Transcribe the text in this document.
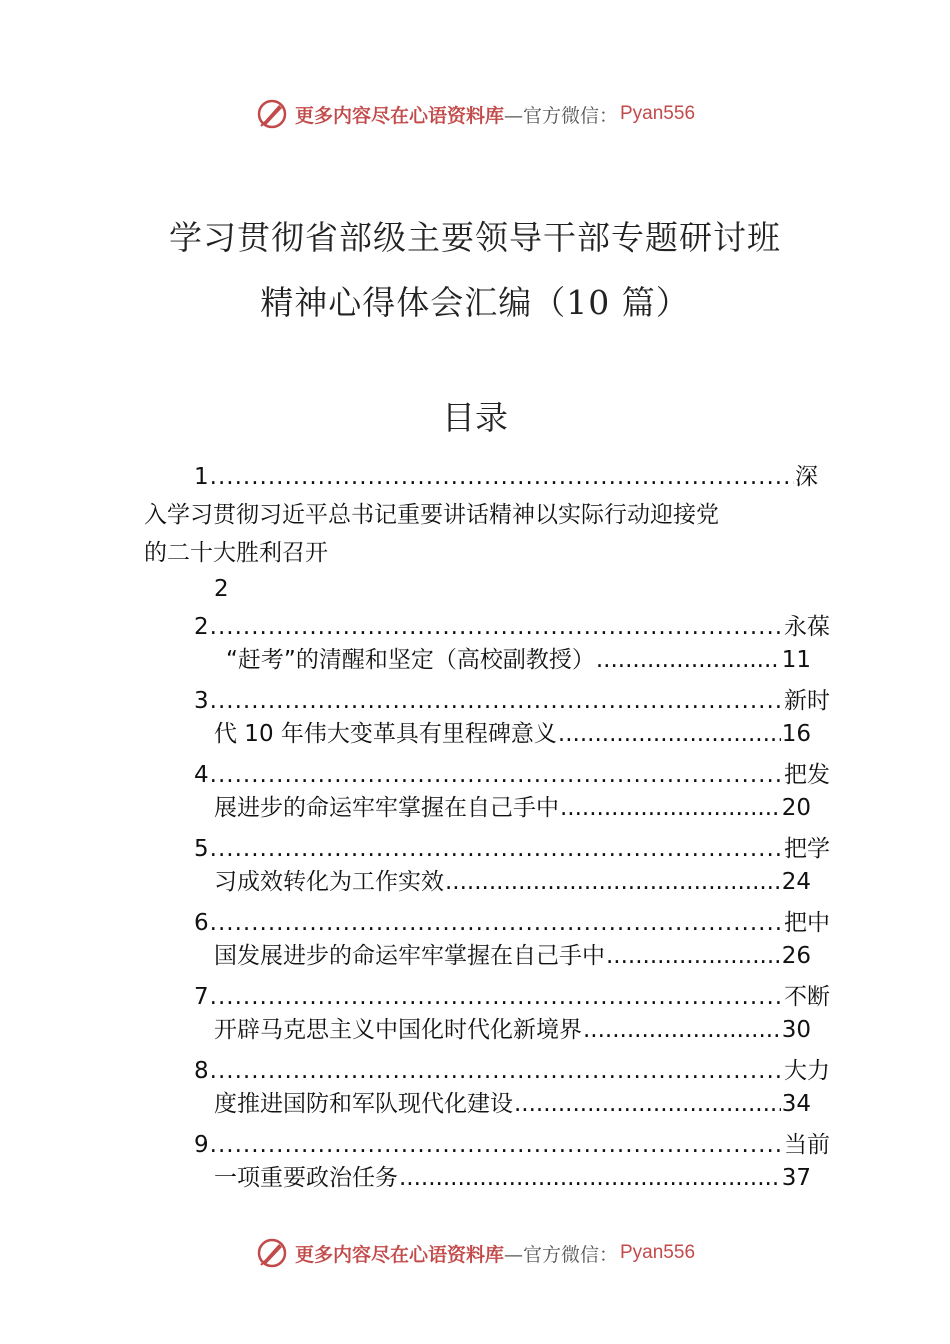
更多内容尽在心语资料库 —官方微信： Pyan556
学习贯彻省部级主要领导干部专题研讨班
精神心得体会汇编（10 篇）
目录
1 .....	深
入学习贯彻习近平总书记重要讲话精神以实际行动迎接党
的二十大胜利召开
2
2 .....	永葆
“赶考”的清醒和坚定（高校副教授） .....	11
3 .....	新时
代 10 年伟大变革具有里程碑意义 .....	16
4 .....	把发
展进步的命运牢牢掌握在自己手中 .....	20
5 .....	把学
习成效转化为工作实效 .....	24
6 .....	把中
国发展进步的命运牢牢掌握在自己手中 .....	26
7 .....	不断
开辟马克思主义中国化时代化新境界 .....	30
8 .....	大力
度推进国防和军队现代化建设 .....	34
9 .....	当前
一项重要政治任务 .....	37
更多内容尽在心语资料库 —官方微信： Pyan556
